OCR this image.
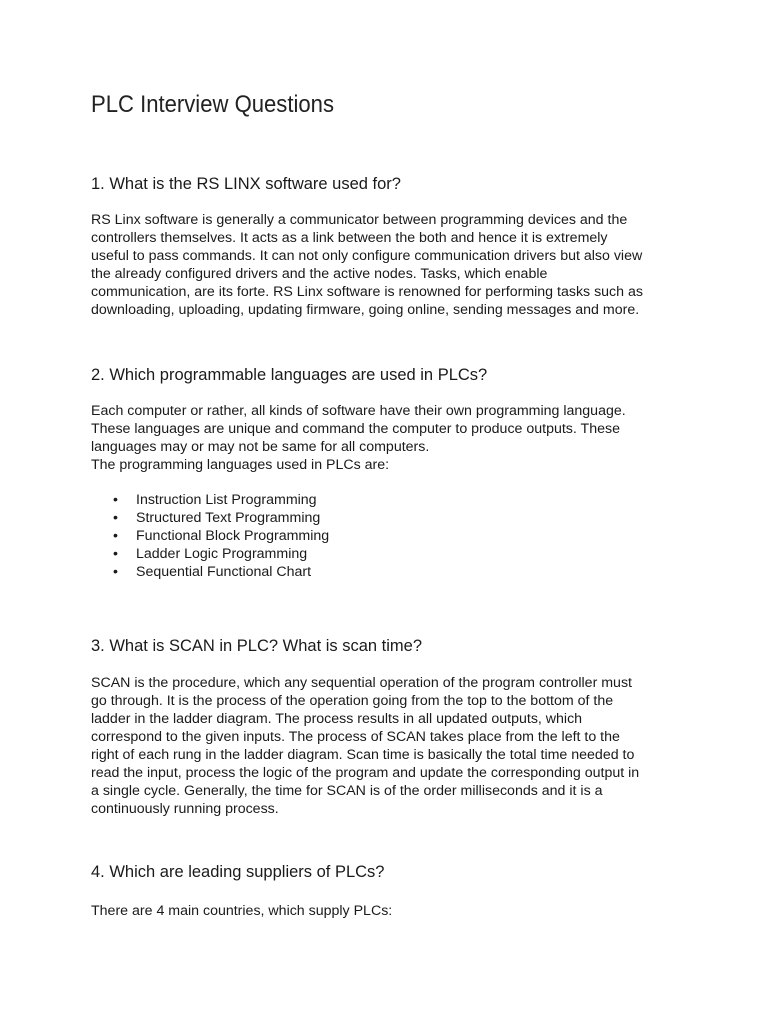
PLC Interview Questions
1. What is the RS LINX software used for?

RS Linx software is generally a communicator between programming devices and the
controllers themselves. It acts as a link between the both and hence it is extremely
useful to pass commands. It can not only configure communication drivers but also view
the already configured drivers and the active nodes. Tasks, which enable
communication, are its forte. RS Linx software is renowned for performing tasks such as
downloading, uploading, updating firmware, going online, sending messages and more.

2. Which programmable languages are used in PLCs?

Each computer or rather, all kinds of software have their own programming language.
These languages are unique and command the computer to produce outputs. These
languages may or may not be same for all computers.
The programming languages used in PLCs are:

• Instruction List Programming
• Structured Text Programming
• Functional Block Programming
• Ladder Logic Programming
• Sequential Functional Chart
3. What is SCAN in PLC? What is scan time?

SCAN is the procedure, which any sequential operation of the program controller must
go through. It is the process of the operation going from the top to the bottom of the
ladder in the ladder diagram. The process results in all updated outputs, which
correspond to the given inputs. The process of SCAN takes place from the left to the
right of each rung in the ladder diagram. Scan time is basically the total time needed to
read the input, process the logic of the program and update the corresponding output in
a single cycle. Generally, the time for SCAN is of the order milliseconds and it is a
continuously running process.

4. Which are leading suppliers of PLCs?

There are 4 main countries, which supply PLCs:
